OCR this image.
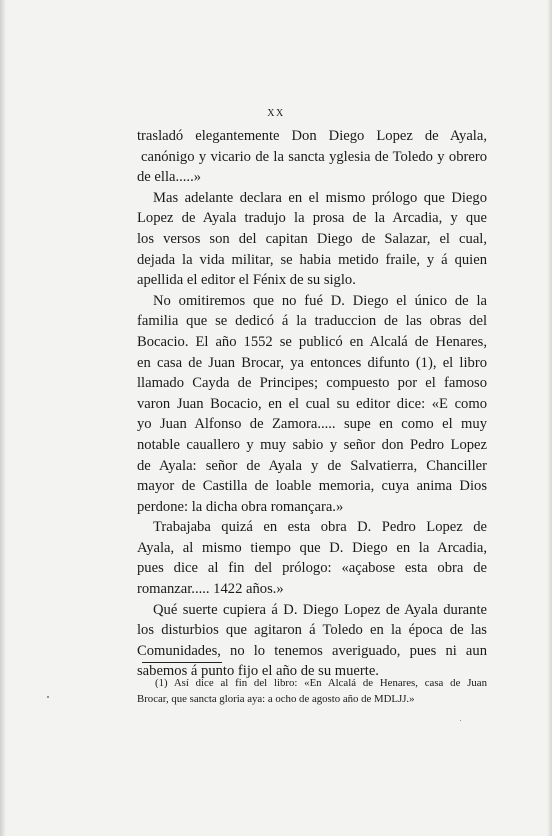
XX
trasladó elegantemente Don Diego Lopez de Ayala,
canónigo y vicario de la sancta yglesia de Toledo y obrero
de ella.....»
Mas adelante declara en el mismo prólogo que Diego
Lopez de Ayala tradujo la prosa de la Arcadia, y que
los versos son del capitan Diego de Salazar, el cual,
dejada la vida militar, se habia metido fraile, y á quien
apellida el editor el Fénix de su siglo.
No omitiremos que no fué D. Diego el único de la
familia que se dedicó á la traduccion de las obras del
Bocacio. El año 1552 se publicó en Alcalá de Henares,
en casa de Juan Brocar, ya entonces difunto (1), el libro
llamado Cayda de Principes; compuesto por el famoso
varon Juan Bocacio, en el cual su editor dice: «E como
yo Juan Alfonso de Zamora..... supe en como el muy
notable cauallero y muy sabio y señor don Pedro Lopez
de Ayala: señor de Ayala y de Salvatierra, Chanciller
mayor de Castilla de loable memoria, cuya anima Dios
perdone: la dicha obra romançara.»
Trabajaba quizá en esta obra D. Pedro Lopez de
Ayala, al mismo tiempo que D. Diego en la Arcadia,
pues dice al fin del prólogo: «açabose esta obra de
romanzar..... 1422 años.»
Qué suerte cupiera á D. Diego Lopez de Ayala durante
los disturbios que agitaron á Toledo en la época de las
Comunidades, no lo tenemos averiguado, pues ni aun
sabemos á punto fijo el año de su muerte.
(1) Así dice al fin del libro: «En Alcalá de Henares, casa de Juan
Brocar, que sancta gloria aya: a ocho de agosto año de MDLJJ.»
